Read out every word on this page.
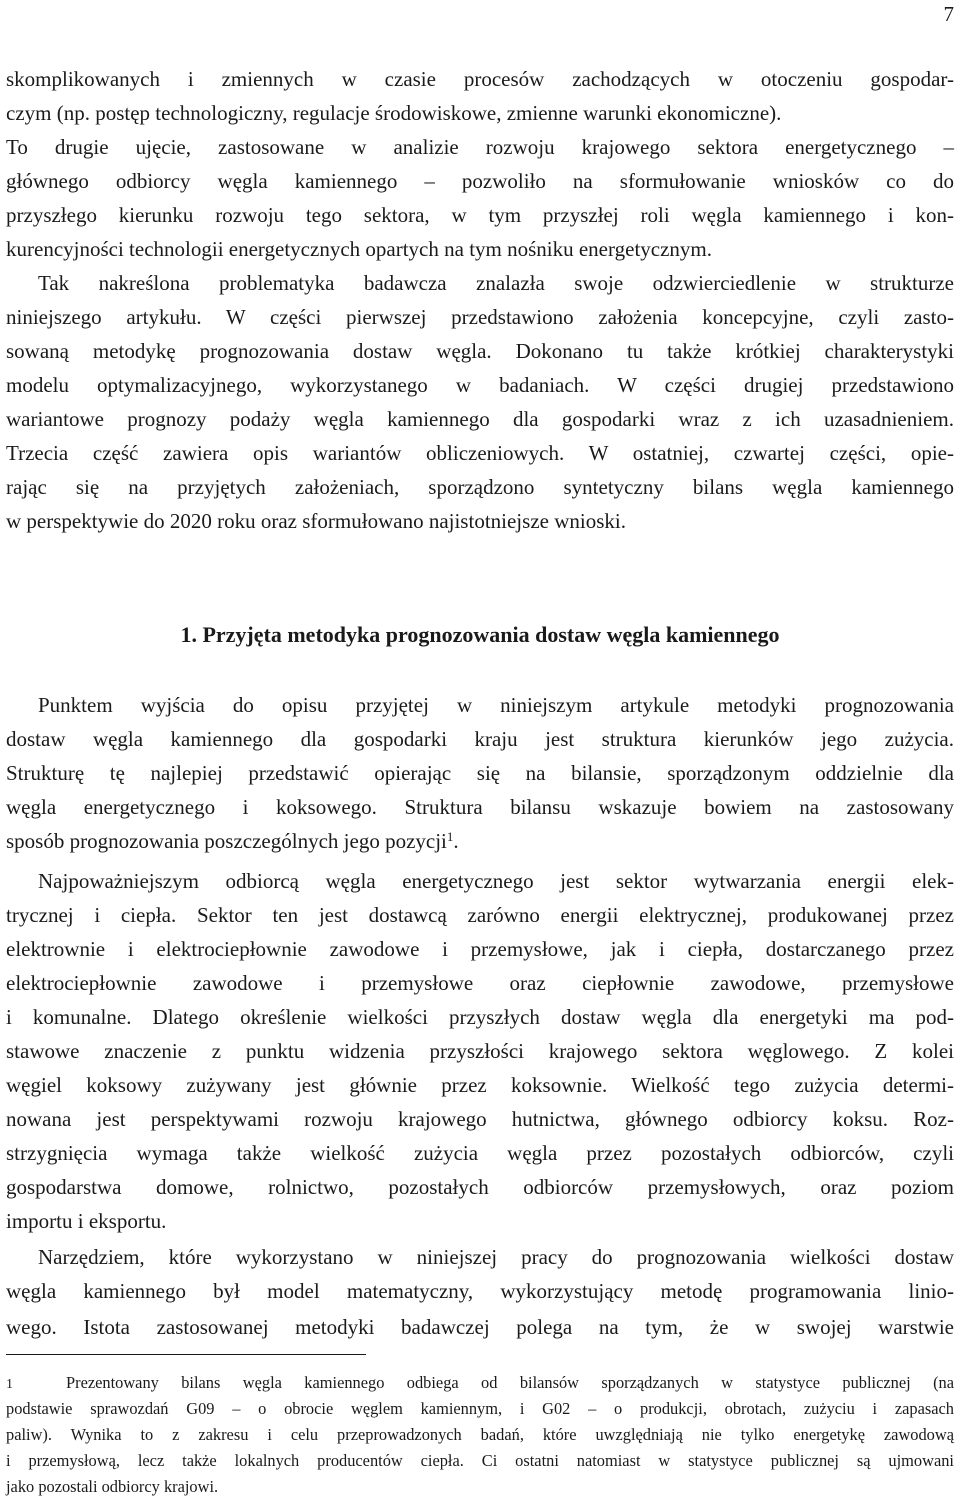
7
skomplikowanych i zmiennych w czasie procesów zachodzących w otoczeniu gospodar-
czym (np. postęp technologiczny, regulacje środowiskowe, zmienne warunki ekonomiczne).
To drugie ujęcie, zastosowane w analizie rozwoju krajowego sektora energetycznego –
głównego odbiorcy węgla kamiennego – pozwoliło na sformułowanie wniosków co do
przyszłego kierunku rozwoju tego sektora, w tym przyszłej roli węgla kamiennego i kon-
kurencyjności technologii energetycznych opartych na tym nośniku energetycznym.
Tak nakreślona problematyka badawcza znalazła swoje odzwierciedlenie w strukturze
niniejszego artykułu. W części pierwszej przedstawiono założenia koncepcyjne, czyli zasto-
sowaną metodykę prognozowania dostaw węgla. Dokonano tu także krótkiej charakterystyki
modelu optymalizacyjnego, wykorzystanego w badaniach. W części drugiej przedstawiono
wariantowe prognozy podaży węgla kamiennego dla gospodarki wraz z ich uzasadnieniem.
Trzecia część zawiera opis wariantów obliczeniowych. W ostatniej, czwartej części, opie-
rając się na przyjętych założeniach, sporządzono syntetyczny bilans węgla kamiennego
w perspektywie do 2020 roku oraz sformułowano najistotniejsze wnioski.
1. Przyjęta metodyka prognozowania dostaw węgla kamiennego
Punktem wyjścia do opisu przyjętej w niniejszym artykule metodyki prognozowania
dostaw węgla kamiennego dla gospodarki kraju jest struktura kierunków jego zużycia.
Strukturę tę najlepiej przedstawić opierając się na bilansie, sporządzonym oddzielnie dla
węgla energetycznego i koksowego. Struktura bilansu wskazuje bowiem na zastosowany
sposób prognozowania poszczególnych jego pozycji$^1$.
Najpoważniejszym odbiorcą węgla energetycznego jest sektor wytwarzania energii elek-
trycznej i ciepła. Sektor ten jest dostawcą zarówno energii elektrycznej, produkowanej przez
elektrownie i elektrociepłownie zawodowe i przemysłowe, jak i ciepła, dostarczanego przez
elektrociepłownie zawodowe i przemysłowe oraz ciepłownie zawodowe, przemysłowe
i komunalne. Dlatego określenie wielkości przyszłych dostaw węgla dla energetyki ma pod-
stawowe znaczenie z punktu widzenia przyszłości krajowego sektora węglowego. Z kolei
węgiel koksowy zużywany jest głównie przez koksownie. Wielkość tego zużycia determi-
nowana jest perspektywami rozwoju krajowego hutnictwa, głównego odbiorcy koksu. Roz-
strzygnięcia wymaga także wielkość zużycia węgla przez pozostałych odbiorców, czyli
gospodarstwa domowe, rolnictwo, pozostałych odbiorców przemysłowych, oraz poziom
importu i eksportu.
Narzędziem, które wykorzystano w niniejszej pracy do prognozowania wielkości dostaw
węgla kamiennego był model matematyczny, wykorzystujący metodę programowania linio-
wego. Istota zastosowanej metodyki badawczej polega na tym, że w swojej warstwie
1	Prezentowany bilans węgla kamiennego odbiega od bilansów sporządzanych w statystyce publicznej (na
podstawie sprawozdań G09 – o obrocie węglem kamiennym, i G02 – o produkcji, obrotach, zużyciu i zapasach
paliw). Wynika to z zakresu i celu przeprowadzonych badań, które uwzględniają nie tylko energetykę zawodową
i przemysłową, lecz także lokalnych producentów ciepła. Ci ostatni natomiast w statystyce publicznej są ujmowani
jako pozostali odbiorcy krajowi.
